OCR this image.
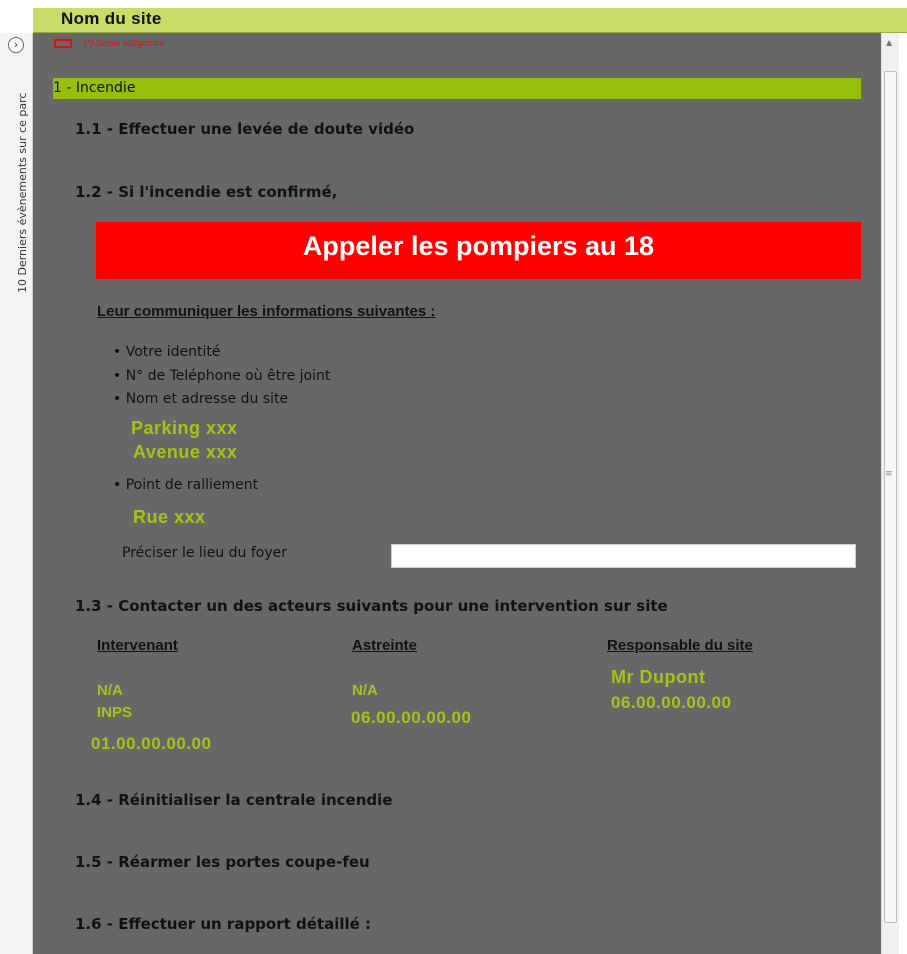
Nom du site
›
10 Derniers évènements sur ce parc
(*) Saisie obligatoire
1 - Incendie
1.1 - Effectuer une levée de doute vidéo
1.2 - Si l'incendie est confirmé,
Appeler les pompiers au 18
Leur communiquer les informations suivantes :
• Votre identité
• N° de Teléphone où être joint
• Nom et adresse du site
Parking xxx
Avenue xxx
• Point de ralliement
Rue xxx
Préciser le lieu du foyer
1.3 - Contacter un des acteurs suivants pour une intervention sur site
Intervenant	Astreinte	Responsable du site
N/A
INPS
01.00.00.00.00
N/A
06.00.00.00.00
Mr Dupont
06.00.00.00.00
1.4 - Réinitialiser la centrale incendie
1.5 - Réarmer les portes coupe-feu
1.6 - Effectuer un rapport détaillé :
▲
≡
